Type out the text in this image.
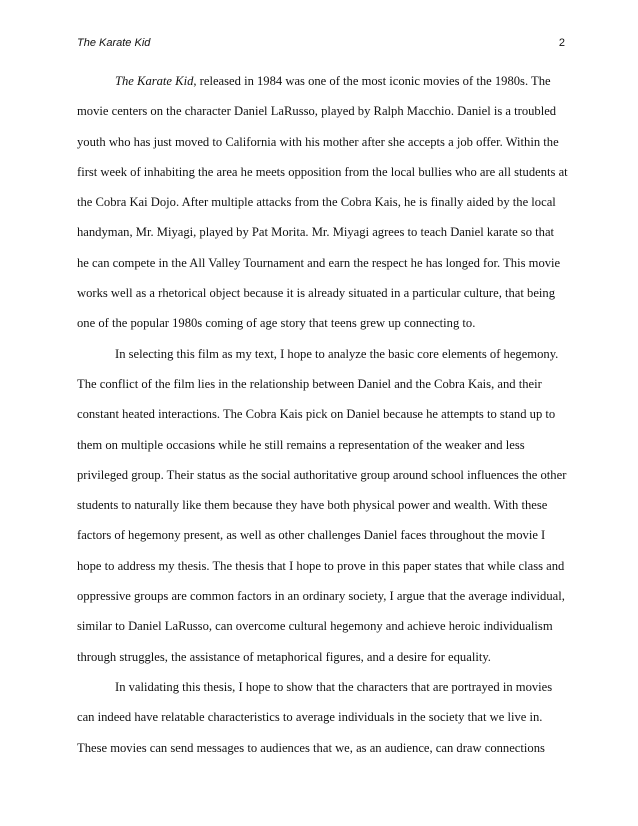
The Karate Kid	2
The Karate Kid, released in 1984 was one of the most iconic movies of the 1980s. The
movie centers on the character Daniel LaRusso, played by Ralph Macchio. Daniel is a troubled
youth who has just moved to California with his mother after she accepts a job offer. Within the
first week of inhabiting the area he meets opposition from the local bullies who are all students at
the Cobra Kai Dojo. After multiple attacks from the Cobra Kais, he is finally aided by the local
handyman, Mr. Miyagi, played by Pat Morita. Mr. Miyagi agrees to teach Daniel karate so that
he can compete in the All Valley Tournament and earn the respect he has longed for. This movie
works well as a rhetorical object because it is already situated in a particular culture, that being
one of the popular 1980s coming of age story that teens grew up connecting to.
In selecting this film as my text, I hope to analyze the basic core elements of hegemony.
The conflict of the film lies in the relationship between Daniel and the Cobra Kais, and their
constant heated interactions. The Cobra Kais pick on Daniel because he attempts to stand up to
them on multiple occasions while he still remains a representation of the weaker and less
privileged group. Their status as the social authoritative group around school influences the other
students to naturally like them because they have both physical power and wealth. With these
factors of hegemony present, as well as other challenges Daniel faces throughout the movie I
hope to address my thesis. The thesis that I hope to prove in this paper states that while class and
oppressive groups are common factors in an ordinary society, I argue that the average individual,
similar to Daniel LaRusso, can overcome cultural hegemony and achieve heroic individualism
through struggles, the assistance of metaphorical figures, and a desire for equality.
In validating this thesis, I hope to show that the characters that are portrayed in movies
can indeed have relatable characteristics to average individuals in the society that we live in.
These movies can send messages to audiences that we, as an audience, can draw connections
